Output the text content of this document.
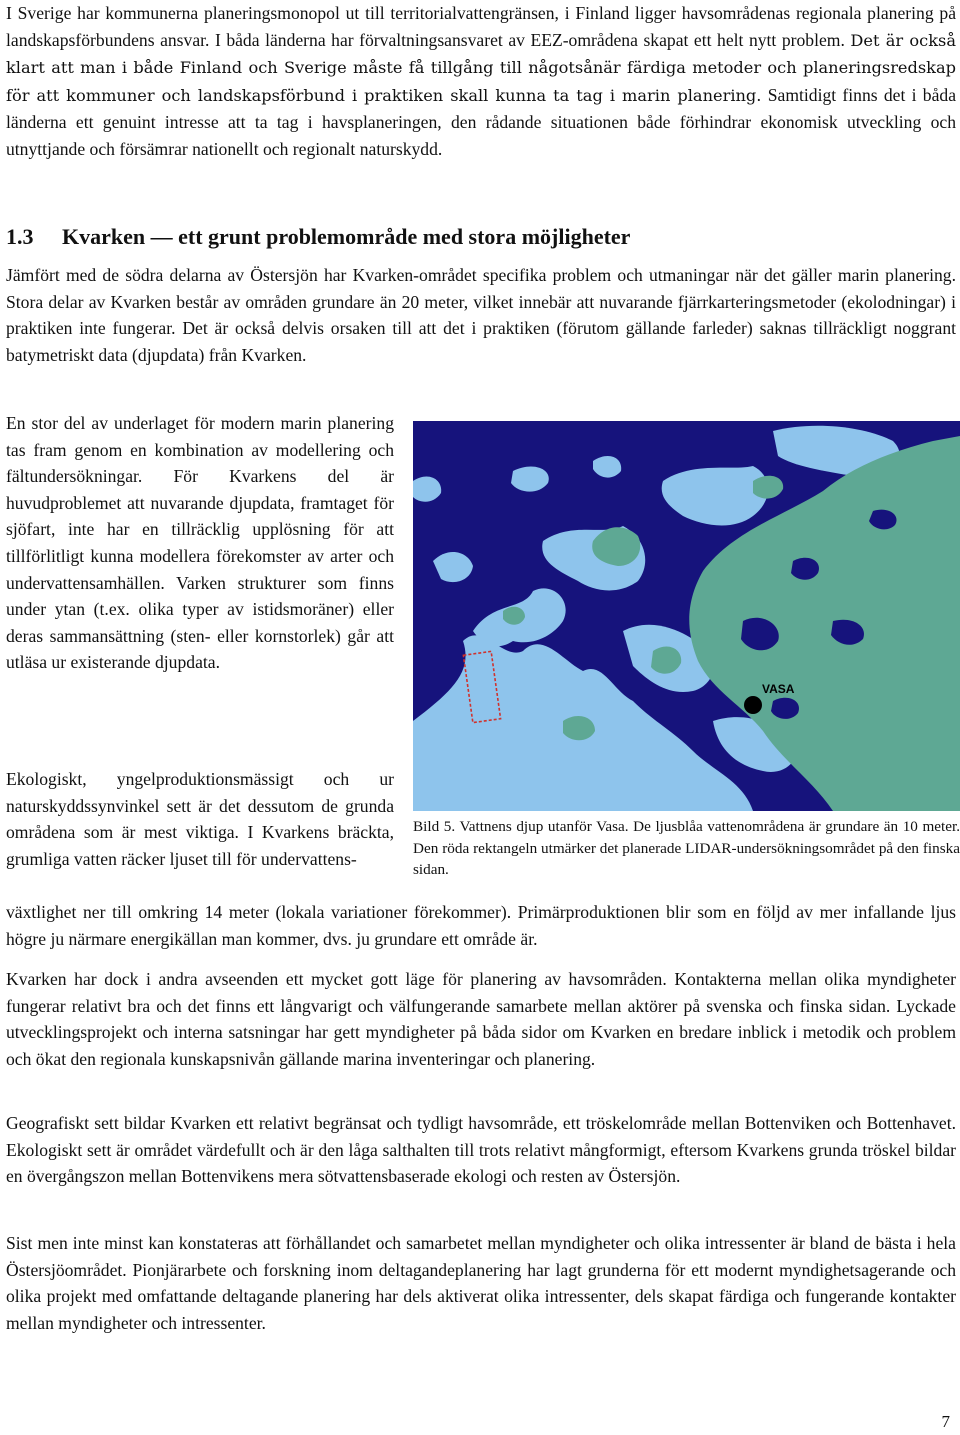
I Sverige har kommunerna planeringsmonopol ut till territorialvattengränsen, i Finland ligger havsområdenas regionala planering på landskapsförbundens ansvar. I båda länderna har förvaltningsansvaret av EEZ-områdena skapat ett helt nytt problem. Det är också klart att man i både Finland och Sverige måste få tillgång till någotsånär färdiga metoder och planeringsredskap för att kommuner och landskapsförbund i praktiken skall kunna ta tag i marin planering. Samtidigt finns det i båda länderna ett genuint intresse att ta tag i havsplaneringen, den rådande situationen både förhindrar ekonomisk utveckling och utnyttjande och försämrar nationellt och regionalt naturskydd.

1.3 Kvarken — ett grunt problemområde med stora möjligheter

Jämfört med de södra delarna av Östersjön har Kvarken-området specifika problem och utmaningar när det gäller marin planering. Stora delar av Kvarken består av områden grundare än 20 meter, vilket innebär att nuvarande fjärrkarteringsmetoder (ekolodningar) i praktiken inte fungerar. Det är också delvis orsaken till att det i praktiken (förutom gällande farleder) saknas tillräckligt noggrant batymetriskt data (djupdata) från Kvarken.

En stor del av underlaget för modern marin planering tas fram genom en kombination av modellering och fältundersökningar. För Kvarkens del är huvudproblemet att nuvarande djupdata, framtaget för sjöfart, inte har en tillräcklig upplösning för att tillförlitligt kunna modellera förekomster av arter och undervattensamhällen. Varken strukturer som finns under ytan (t.ex. olika typer av istidsmoräner) eller deras sammansättning (sten- eller kornstorlek) går att utläsa ur existerande djupdata.

Ekologiskt, yngelproduktionsmässigt och ur naturskyddssynvinkel sett är det dessutom de grunda områdena som är mest viktiga. I Kvarkens bräckta, grumliga vatten räcker ljuset till för undervattens-

växtlighet ner till omkring 14 meter (lokala variationer förekommer). Primärproduktionen blir som en följd av mer infallande ljus högre ju närmare energikällan man kommer, dvs. ju grundare ett område är.

Kvarken har dock i andra avseenden ett mycket gott läge för planering av havsområden. Kontakterna mellan olika myndigheter fungerar relativt bra och det finns ett långvarigt och välfungerande samarbete mellan aktörer på svenska och finska sidan. Lyckade utvecklingsprojekt och interna satsningar har gett myndigheter på båda sidor om Kvarken en bredare inblick i metodik och problem och ökat den regionala kunskapsnivån gällande marina inventeringar och planering.

Geografiskt sett bildar Kvarken ett relativt begränsat och tydligt havsområde, ett tröskelområde mellan Bottenviken och Bottenhavet. Ekologiskt sett är området värdefullt och är den låga salthalten till trots relativt mångformigt, eftersom Kvarkens grunda tröskel bildar en övergångszon mellan Bottenvikens mera sötvattensbaserade ekologi och resten av Östersjön.

Sist men inte minst kan konstateras att förhållandet och samarbetet mellan myndigheter och olika intressenter är bland de bästa i hela Östersjöområdet. Pionjärarbete och forskning inom deltagandeplanering har lagt grunderna för ett modernt myndighetsagerande och olika projekt med omfattande deltagande planering har dels aktiverat olika intressenter, dels skapat färdiga och fungerande kontakter mellan myndigheter och intressenter.

VASA

Bild 5. Vattnens djup utanför Vasa. De ljusblåa vattenområdena är grundare än 10 meter. Den röda rektangeln utmärker det planerade LIDAR-undersökningsområdet på den finska sidan.

7
